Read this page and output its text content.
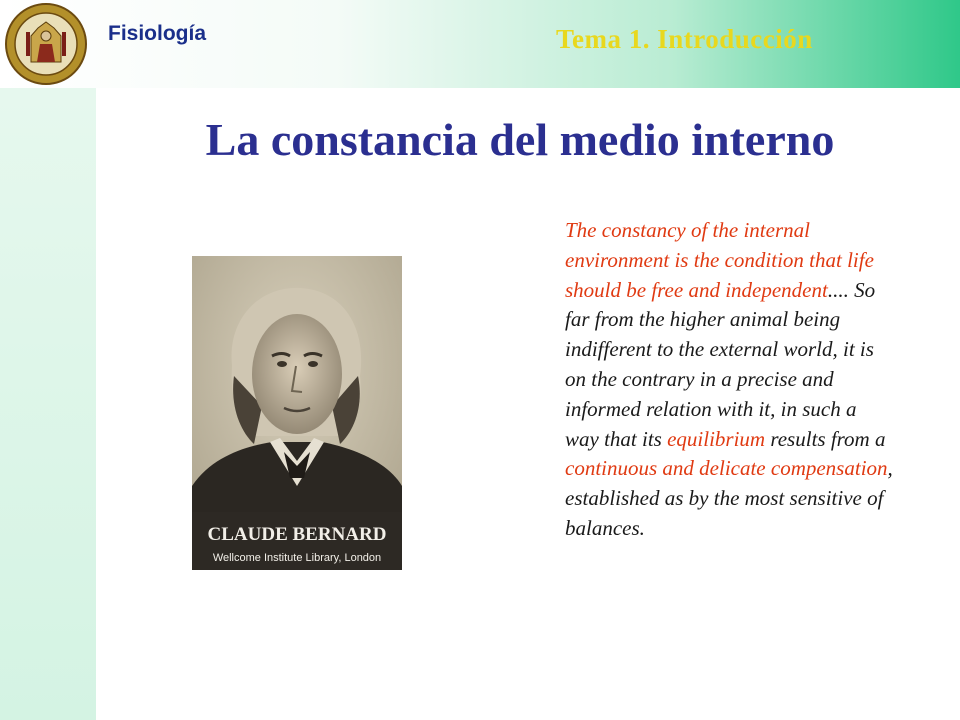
Fisiología	Tema 1. Introducción
La constancia del medio interno
CLAUDE BERNARD
Wellcome Institute Library, London

The constancy of the internal environment is the condition that life should be free and independent.... So far from the higher animal being indifferent to the external world, it is on the contrary in a precise and informed relation with it, in such a way that its equilibrium results from a continuous and delicate compensation, established as by the most sensitive of balances.
